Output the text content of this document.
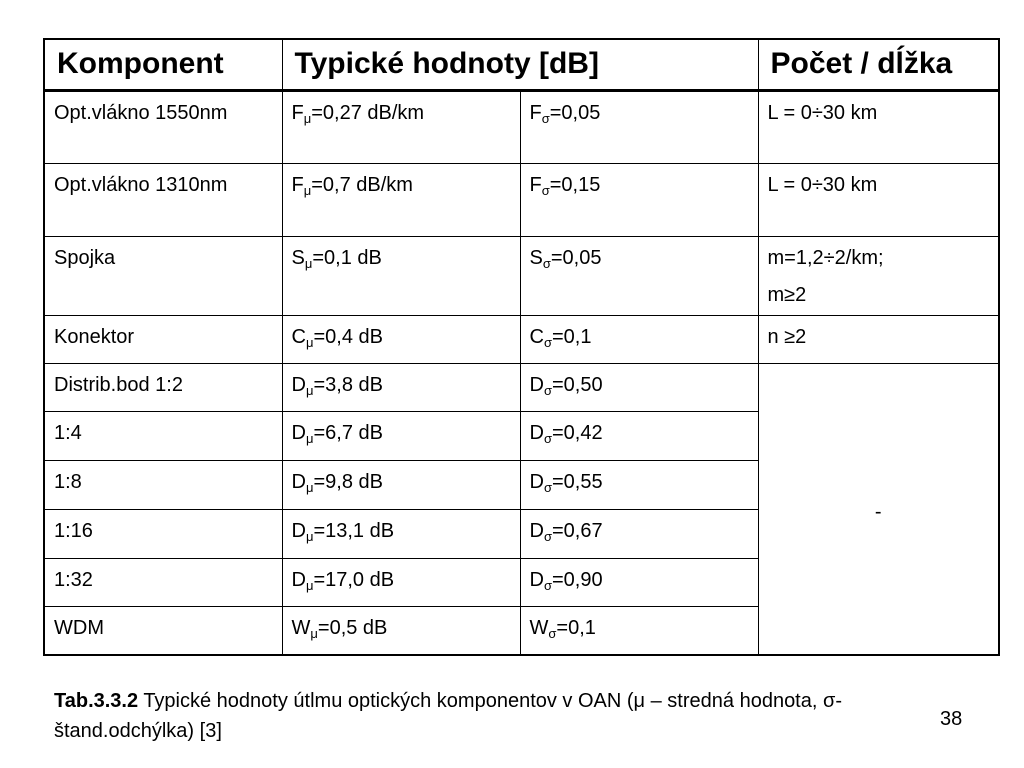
Komponent	Typické hodnoty [dB]		Počet / dĺžka
Opt.vlákno 1550nm	$F_\mu=0,27$ dB/km	$F_\sigma=0,05$	L = 0÷30 km

Opt.vlákno 1310nm	$F_\mu=0,7$ dB/km	$F_\sigma=0,15$	L = 0÷30 km

Spojka	$S_\mu=0,1$ dB	$S_\sigma=0,05$	m=1,2÷2/km;
m≥2

Konektor	$C_\mu=0,4$ dB	$C_\sigma=0,1$	n ≥2

Distrib.bod 1:2	$D_\mu=3,8$ dB	$D_\sigma=0,50$	-
1:4	$D_\mu=6,7$ dB	$D_\sigma=0,42$	
1:8	$D_\mu=9,8$ dB	$D_\sigma=0,55$	
1:16	$D_\mu=13,1$ dB	$D_\sigma=0,67$	
1:32	$D_\mu=17,0$ dB	$D_\sigma=0,90$	
WDM	$W_\mu=0,5$ dB	$W_\sigma=0,1$	
Tab.3.3.2 Typické hodnoty útlmu optických komponentov v OAN (μ – stredná hodnota, σ-štand.odchýlka) [3]
38
